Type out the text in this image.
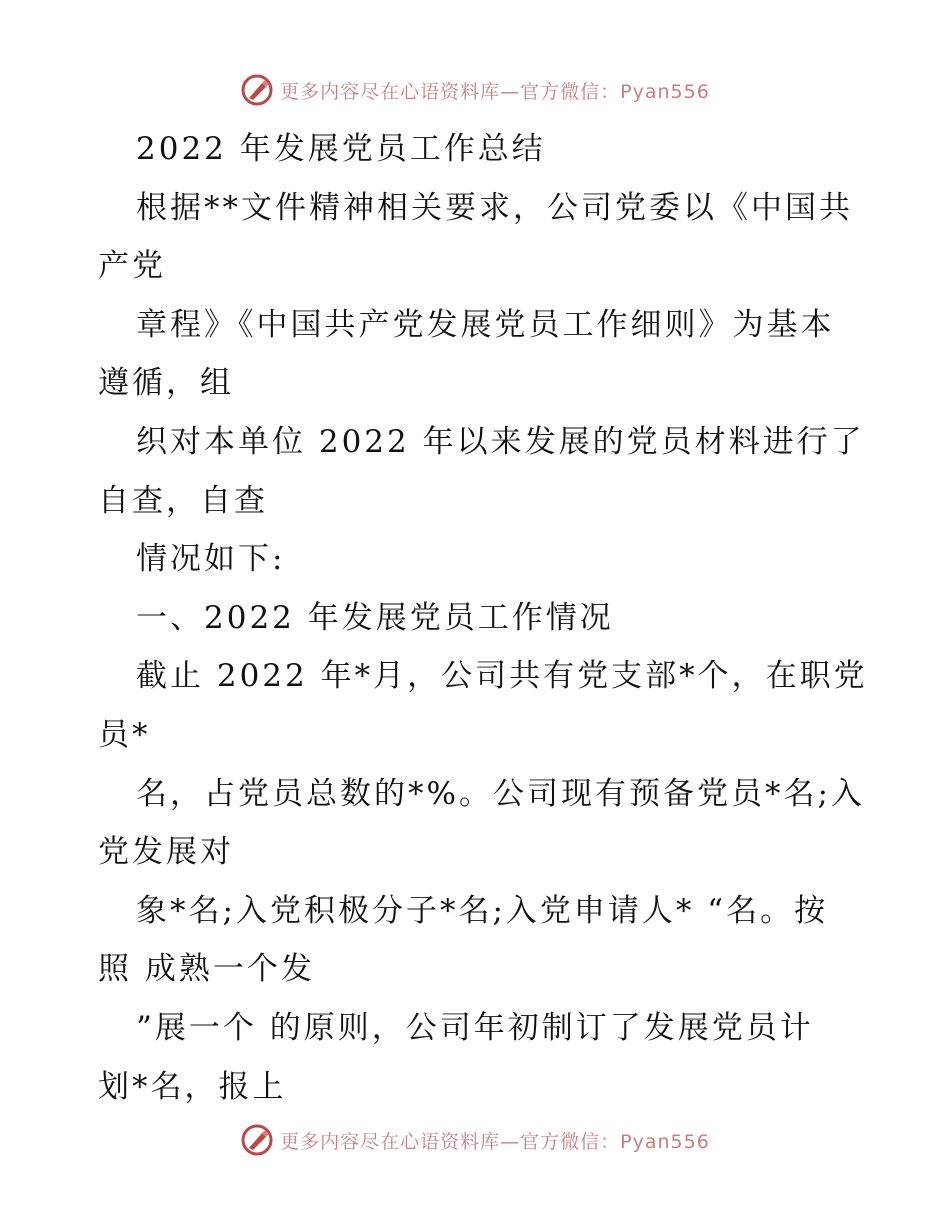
更多内容尽在心语资料库—官方微信：Pyan556
2022 年发展党员工作总结
根据**文件精神相关要求，公司党委以《中国共
产党
章程》《中国共产党发展党员工作细则》为基本
遵循，组
织对本单位 2022 年以来发展的党员材料进行了
自查，自查
情况如下:
一、2022 年发展党员工作情况
截止 2022 年*月，公司共有党支部*个，在职党
员*
名，占党员总数的*%。公司现有预备党员*名;入
党发展对
象*名;入党积极分子*名;入党申请人* “名。按
照 成熟一个发
”展一个 的原则，公司年初制订了发展党员计
划*名，报上
更多内容尽在心语资料库—官方微信：Pyan556
